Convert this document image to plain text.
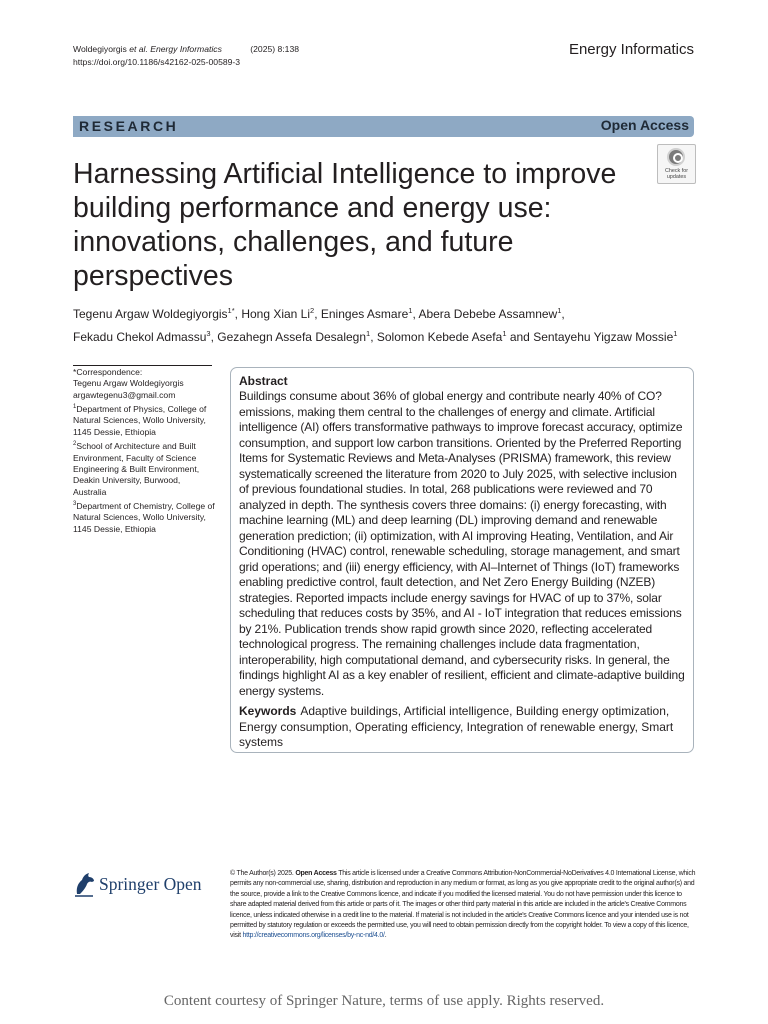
Woldegiyorgis et al. Energy Informatics	(2025) 8:138
https://doi.org/10.1186/s42162-025-00589-3
Energy Informatics
RESEARCH	Open Access
Check for
updates
Harnessing Artificial Intelligence to improve building performance and energy use: innovations, challenges, and future perspectives
Tegenu Argaw Woldegiyorgis$^{1*}$, Hong Xian Li$^2$, Eninges Asmare$^1$, Abera Debebe Assamnew$^1$,
Fekadu Chekol Admassu$^3$, Gezahegn Assefa Desalegn$^1$, Solomon Kebede Asefa$^1$ and Sentayehu Yigzaw Mossie$^1$
*Correspondence:
Tegenu Argaw Woldegiyorgis
argawtegenu3@gmail.com
$^1$Department of Physics, College of Natural Sciences, Wollo University, 1145 Dessie, Ethiopia
$^2$School of Architecture and Built Environment, Faculty of Science Engineering & Built Environment, Deakin University, Burwood, Australia
$^3$Department of Chemistry, College of Natural Sciences, Wollo University, 1145 Dessie, Ethiopia
Abstract
Buildings consume about 36% of global energy and contribute nearly 40% of CO? emissions, making them central to the challenges of energy and climate. Artificial intelligence (AI) offers transformative pathways to improve forecast accuracy, optimize consumption, and support low carbon transitions. Oriented by the Preferred Reporting Items for Systematic Reviews and Meta-Analyses (PRISMA) framework, this review systematically screened the literature from 2020 to July 2025, with selective inclusion of previous foundational studies. In total, 268 publications were reviewed and 70 analyzed in depth. The synthesis covers three domains: (i) energy forecasting, with machine learning (ML) and deep learning (DL) improving demand and renewable generation prediction; (ii) optimization, with AI improving Heating, Ventilation, and Air Conditioning (HVAC) control, renewable scheduling, storage management, and smart grid operations; and (iii) energy efficiency, with AI–Internet of Things (IoT) frameworks enabling predictive control, fault detection, and Net Zero Energy Building (NZEB) strategies. Reported impacts include energy savings for HVAC of up to 37%, solar scheduling that reduces costs by 35%, and AI - IoT integration that reduces emissions by 21%. Publication trends show rapid growth since 2020, reflecting accelerated technological progress. The remaining challenges include data fragmentation, interoperability, high computational demand, and cybersecurity risks. In general, the findings highlight AI as a key enabler of resilient, efficient and climate-adaptive building energy systems.
Keywords Adaptive buildings, Artificial intelligence, Building energy optimization, Energy consumption, Operating efficiency, Integration of renewable energy, Smart systems
Springer Open
© The Author(s) 2025. Open Access This article is licensed under a Creative Commons Attribution-NonCommercial-NoDerivatives 4.0 International License, which permits any non-commercial use, sharing, distribution and reproduction in any medium or format, as long as you give appropriate credit to the original author(s) and the source, provide a link to the Creative Commons licence, and indicate if you modified the licensed material. You do not have permission under this licence to share adapted material derived from this article or parts of it. The images or other third party material in this article are included in the article's Creative Commons licence, unless indicated otherwise in a credit line to the material. If material is not included in the article's Creative Commons licence and your intended use is not permitted by statutory regulation or exceeds the permitted use, you will need to obtain permission directly from the copyright holder. To view a copy of this licence, visit http://creativecommons.org/licenses/by-nc-nd/4.0/.
Content courtesy of Springer Nature, terms of use apply. Rights reserved.
